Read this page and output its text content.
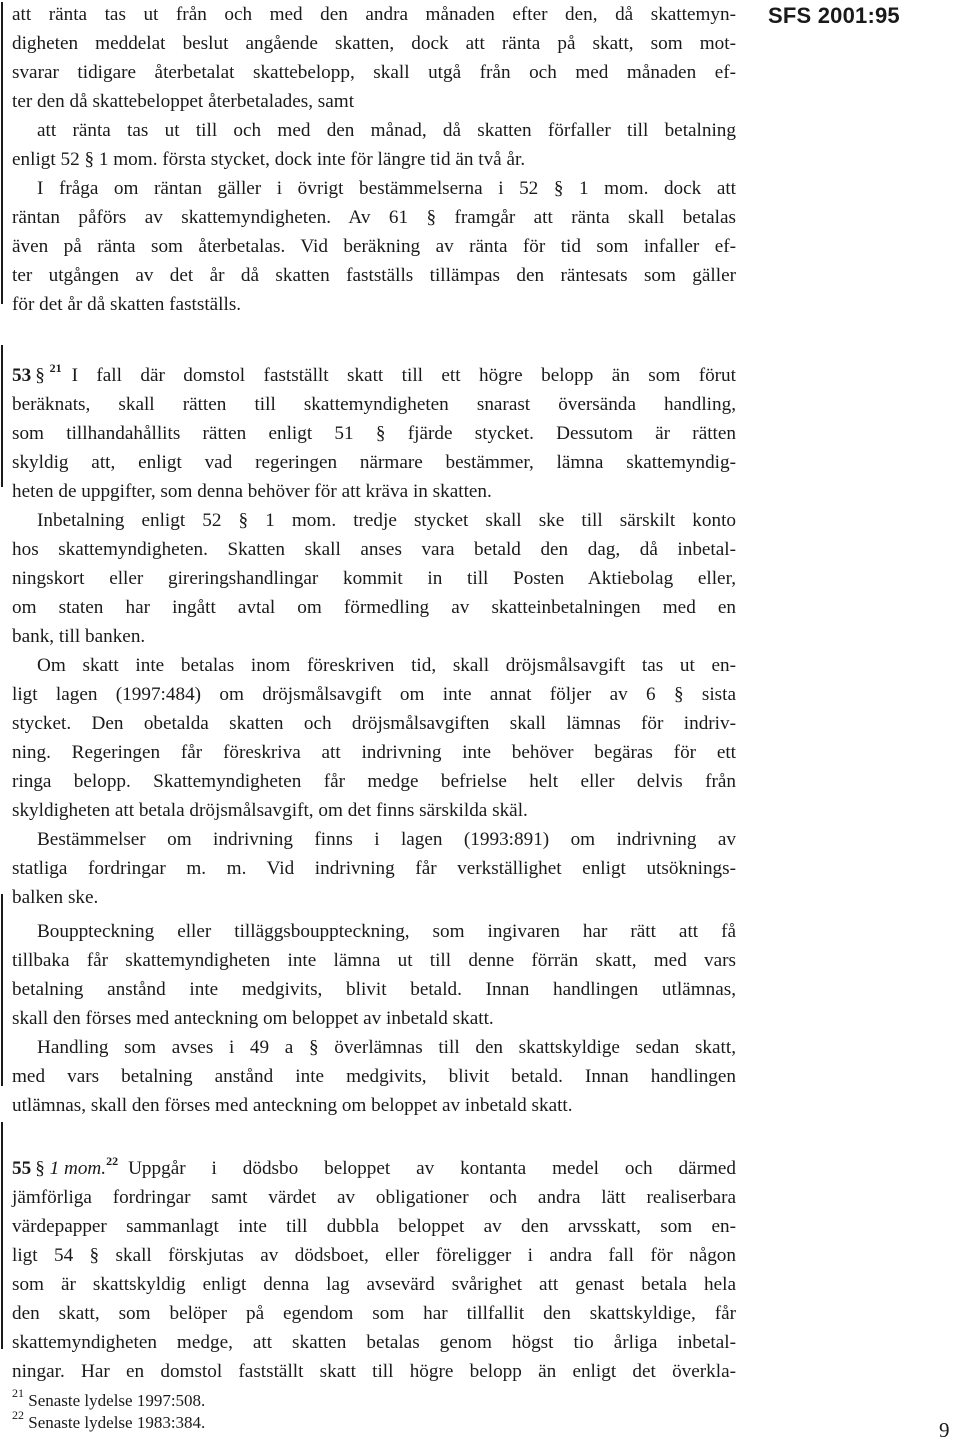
SFS 2001:95
att ränta tas ut från och med den andra månaden efter den, då skattemyn-
digheten meddelat beslut angående skatten, dock att ränta på skatt, som mot-
svarar tidigare återbetalat skattebelopp, skall utgå från och med månaden ef-
ter den då skattebeloppet återbetalades, samt
att ränta tas ut till och med den månad, då skatten förfaller till betalning
enligt 52 § 1 mom. första stycket, dock inte för längre tid än två år.
I fråga om räntan gäller i övrigt bestämmelserna i 52 § 1 mom. dock att
räntan påförs av skattemyndigheten. Av 61 § framgår att ränta skall betalas
även på ränta som återbetalas. Vid beräkning av ränta för tid som infaller ef-
ter utgången av det år då skatten fastställs tillämpas den räntesats som gäller
för det år då skatten fastställs.
53 § $^{21}$ I fall där domstol fastställt skatt till ett högre belopp än som förut
beräknats, skall rätten till skattemyndigheten snarast översända handling,
som tillhandahållits rätten enligt 51 § fjärde stycket. Dessutom är rätten
skyldig att, enligt vad regeringen närmare bestämmer, lämna skattemyndig-
heten de uppgifter, som denna behöver för att kräva in skatten.
Inbetalning enligt 52 § 1 mom. tredje stycket skall ske till särskilt konto
hos skattemyndigheten. Skatten skall anses vara betald den dag, då inbetal-
ningskort eller gireringshandlingar kommit in till Posten Aktiebolag eller,
om staten har ingått avtal om förmedling av skatteinbetalningen med en
bank, till banken.
Om skatt inte betalas inom föreskriven tid, skall dröjsmålsavgift tas ut en-
ligt lagen (1997:484) om dröjsmålsavgift om inte annat följer av 6 § sista
stycket. Den obetalda skatten och dröjsmålsavgiften skall lämnas för indriv-
ning. Regeringen får föreskriva att indrivning inte behöver begäras för ett
ringa belopp. Skattemyndigheten får medge befrielse helt eller delvis från
skyldigheten att betala dröjsmålsavgift, om det finns särskilda skäl.
Bestämmelser om indrivning finns i lagen (1993:891) om indrivning av
statliga fordringar m. m. Vid indrivning får verkställighet enligt utsöknings-
balken ske.
Bouppteckning eller tilläggsbouppteckning, som ingivaren har rätt att få
tillbaka får skattemyndigheten inte lämna ut till denne förrän skatt, med vars
betalning anstånd inte medgivits, blivit betald. Innan handlingen utlämnas,
skall den förses med anteckning om beloppet av inbetald skatt.
Handling som avses i 49 a § överlämnas till den skattskyldige sedan skatt,
med vars betalning anstånd inte medgivits, blivit betald. Innan handlingen
utlämnas, skall den förses med anteckning om beloppet av inbetald skatt.
55 § 1 mom.$^{22}$ Uppgår i dödsbo beloppet av kontanta medel och därmed
jämförliga fordringar samt värdet av obligationer och andra lätt realiserbara
värdepapper sammanlagt inte till dubbla beloppet av den arvsskatt, som en-
ligt 54 § skall förskjutas av dödsboet, eller föreligger i andra fall för någon
som är skattskyldig enligt denna lag avsevärd svårighet att genast betala hela
den skatt, som belöper på egendom som har tillfallit den skattskyldige, får
skattemyndigheten medge, att skatten betalas genom högst tio årliga inbetal-
ningar. Har en domstol fastställt skatt till högre belopp än enligt det överkla-
$^{21}$ Senaste lydelse 1997:508.
$^{22}$ Senaste lydelse 1983:384.	9
